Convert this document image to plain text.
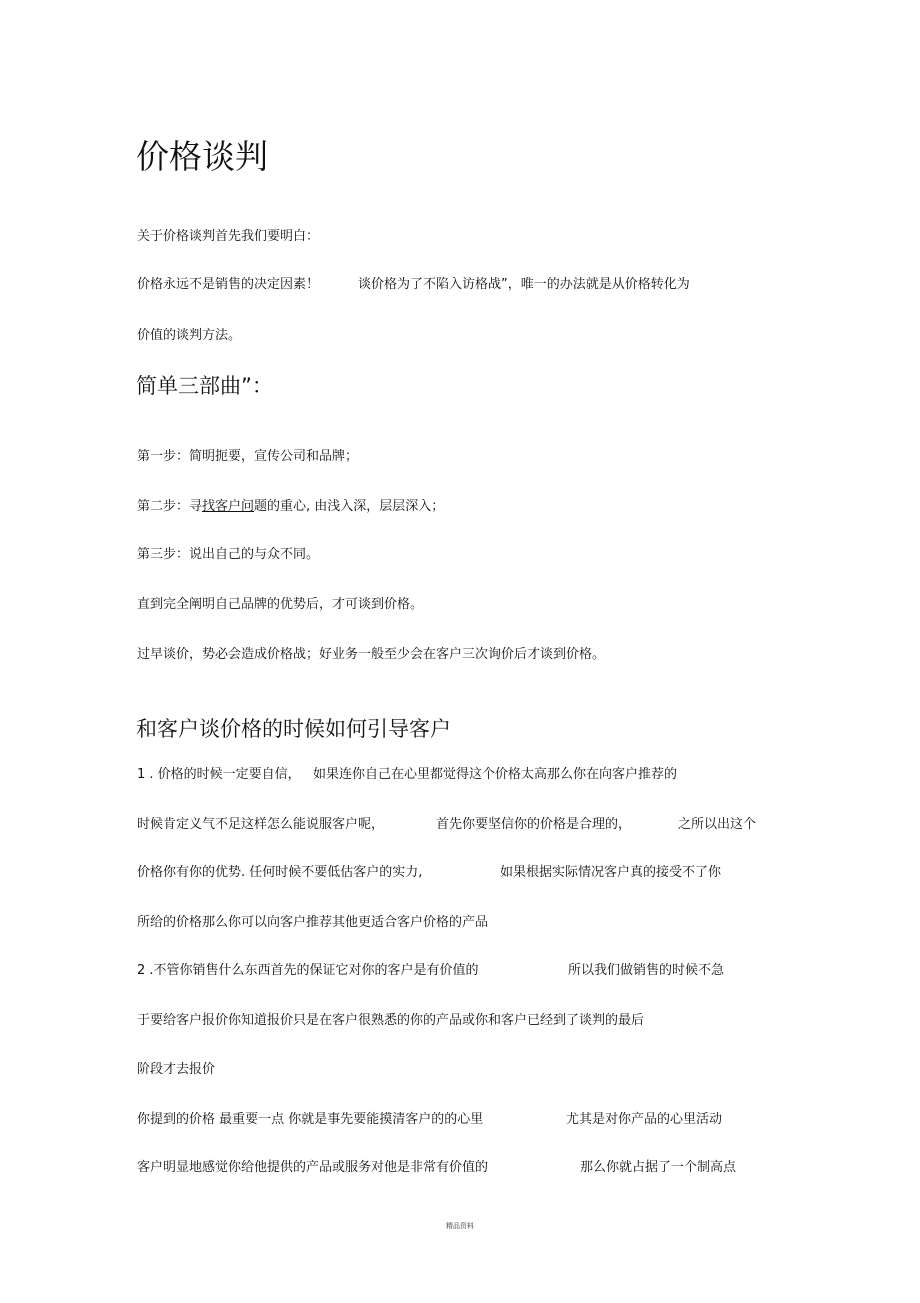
价格谈判
关于价格谈判首先我们要明白：
价格永远不是销售的决定因素！	谈价格为了不陷入访格战”，唯一的办法就是从价格转化为
价值的谈判方法。
简单三部曲”：
第一步：简明扼要，宣传公司和品牌；
第二步：寻找客户问题的重心, 由浅入深，层层深入；
第三步：说出自己的与众不同。
直到完全阐明自己品牌的优势后，才可谈到价格。
过早谈价，势必会造成价格战；好业务一般至少会在客户三次询价后才谈到价格。
和客户谈价格的时候如何引导客户
1 . 价格的时候一定要自信， 如果连你自己在心里都觉得这个价格太高那么你在向客户推荐的
时候肯定义气不足这样怎么能说服客户呢，	首先你要坚信你的价格是合理的，	之所以出这个
价格你有你的优势. 任何时候不要低估客户的实力,	如果根据实际情况客户真的接受不了你
所给的价格那么你可以向客户推荐其他更适合客户价格的产品
2 .不管你销售什么东西首先的保证它对你的客户是有价值的	所以我们做销售的时候不急
于要给客户报价你知道报价只是在客户很熟悉的你的产品或你和客户已经到了谈判的最后
阶段才去报价
你提到的价格 最重要一点 你就是事先要能摸清客户的的心里	尤其是对你产品的心里活动
客户明显地感觉你给他提供的产品或服务对他是非常有价值的	那么你就占据了一个制高点
精品资料
